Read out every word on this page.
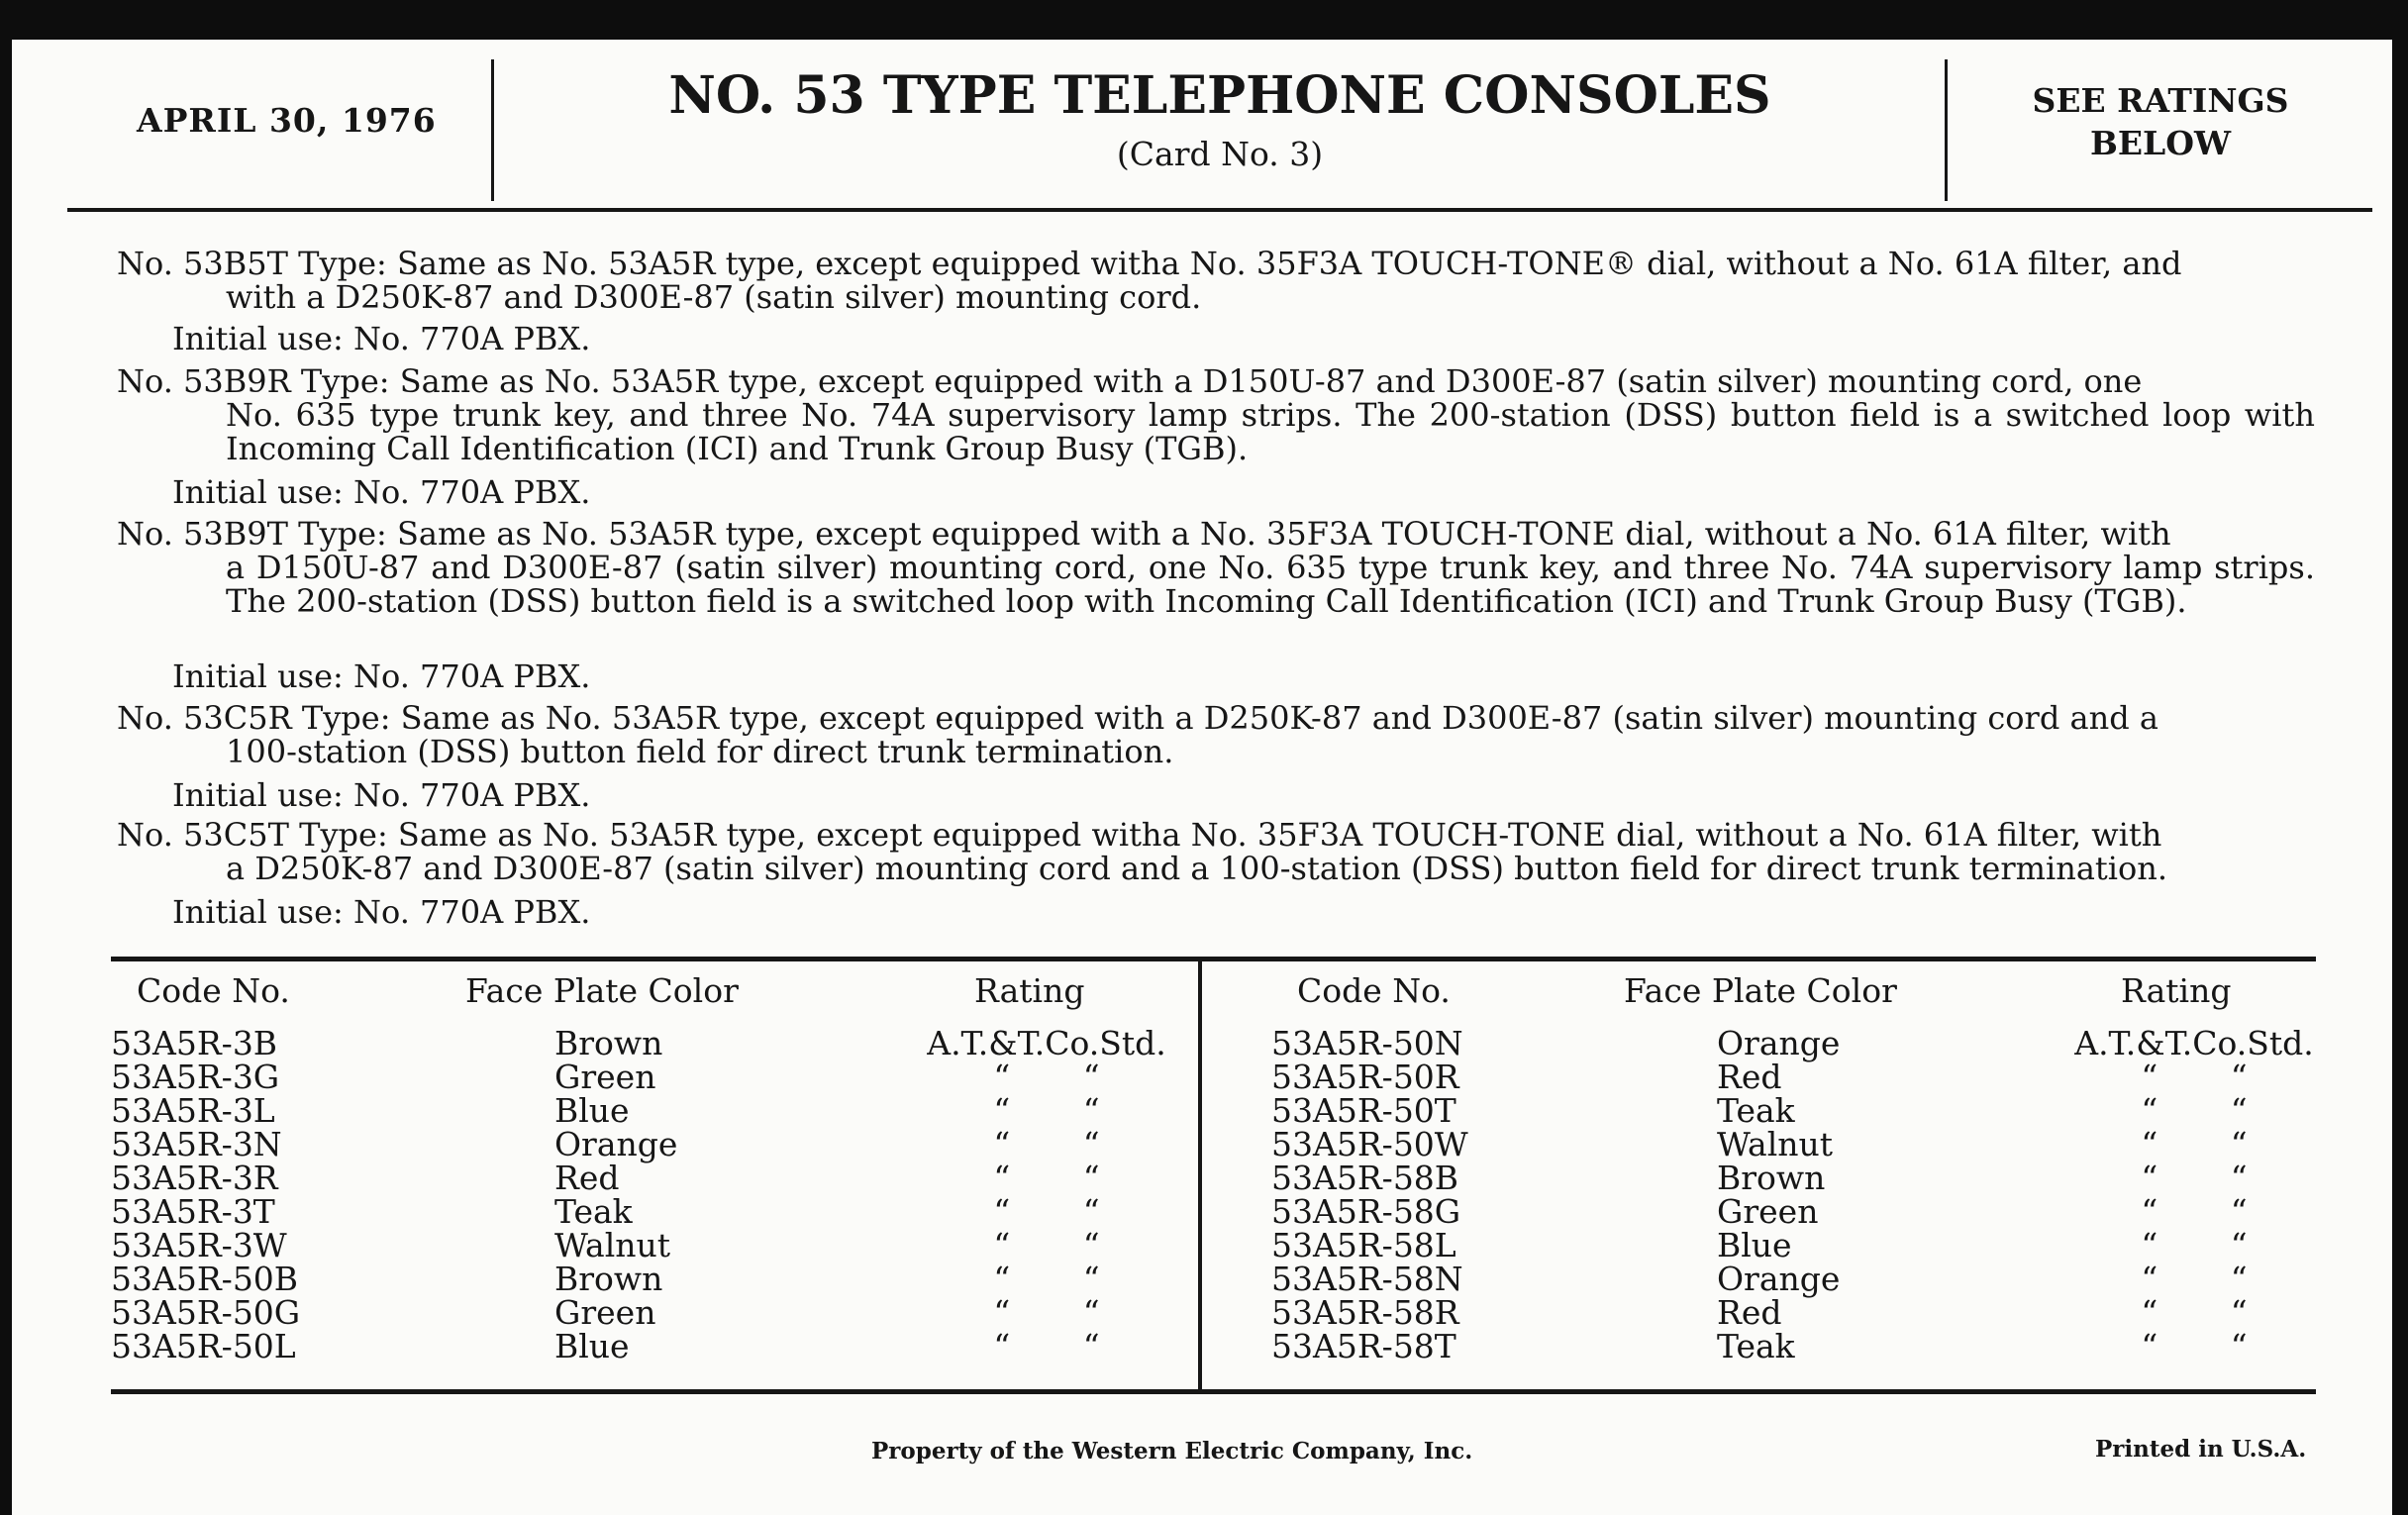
APRIL 30, 1976	NO. 53 TYPE TELEPHONE CONSOLES
(Card No. 3)
SEE RATINGS
BELOW
No. 53B5T Type: Same as No. 53A5R type, except equipped witha No. 35F3A TOUCH-TONE® dial, without a No. 61A filter, and
with a D250K-87 and D300E-87 (satin silver) mounting cord.
Initial use: No. 770A PBX.
No. 53B9R Type: Same as No. 53A5R type, except equipped with a D150U-87 and D300E-87 (satin silver) mounting cord, one
No. 635 type trunk key, and three No. 74A supervisory lamp strips. The 200-station (DSS) button field is a switched loop with Incoming Call Identification (ICI) and Trunk Group Busy (TGB).
Initial use: No. 770A PBX.
No. 53B9T Type: Same as No. 53A5R type, except equipped with a No. 35F3A TOUCH-TONE dial, without a No. 61A filter, with
a D150U-87 and D300E-87 (satin silver) mounting cord, one No. 635 type trunk key, and three No. 74A supervisory lamp strips. The 200-station (DSS) button field is a switched loop with Incoming Call Identification (ICI) and Trunk Group Busy (TGB).
Initial use: No. 770A PBX.
No. 53C5R Type: Same as No. 53A5R type, except equipped with a D250K-87 and D300E-87 (satin silver) mounting cord and a
100-station (DSS) button field for direct trunk termination.
Initial use: No. 770A PBX.
No. 53C5T Type: Same as No. 53A5R type, except equipped witha No. 35F3A TOUCH-TONE dial, without a No. 61A filter, with
a D250K-87 and D300E-87 (satin silver) mounting cord and a 100-station (DSS) button field for direct trunk termination.
Initial use: No. 770A PBX.
Code No.	Face Plate Color	Rating	Code No.	Face Plate Color	Rating
53A5R-3B	Brown	A.T.&T.Co.Std.
53A5R-3G	Green	“       “
53A5R-3L	Blue	“       “
53A5R-3N	Orange	“       “
53A5R-3R	Red	“       “
53A5R-3T	Teak	“       “
53A5R-3W	Walnut	“       “
53A5R-50B	Brown	“       “
53A5R-50G	Green	“       “
53A5R-50L	Blue	“       “
53A5R-50N	Orange	A.T.&T.Co.Std.
53A5R-50R	Red	“       “
53A5R-50T	Teak	“       “
53A5R-50W	Walnut	“       “
53A5R-58B	Brown	“       “
53A5R-58G	Green	“       “
53A5R-58L	Blue	“       “
53A5R-58N	Orange	“       “
53A5R-58R	Red	“       “
53A5R-58T	Teak	“       “
Property of the Western Electric Company, Inc.	Printed in U.S.A.
